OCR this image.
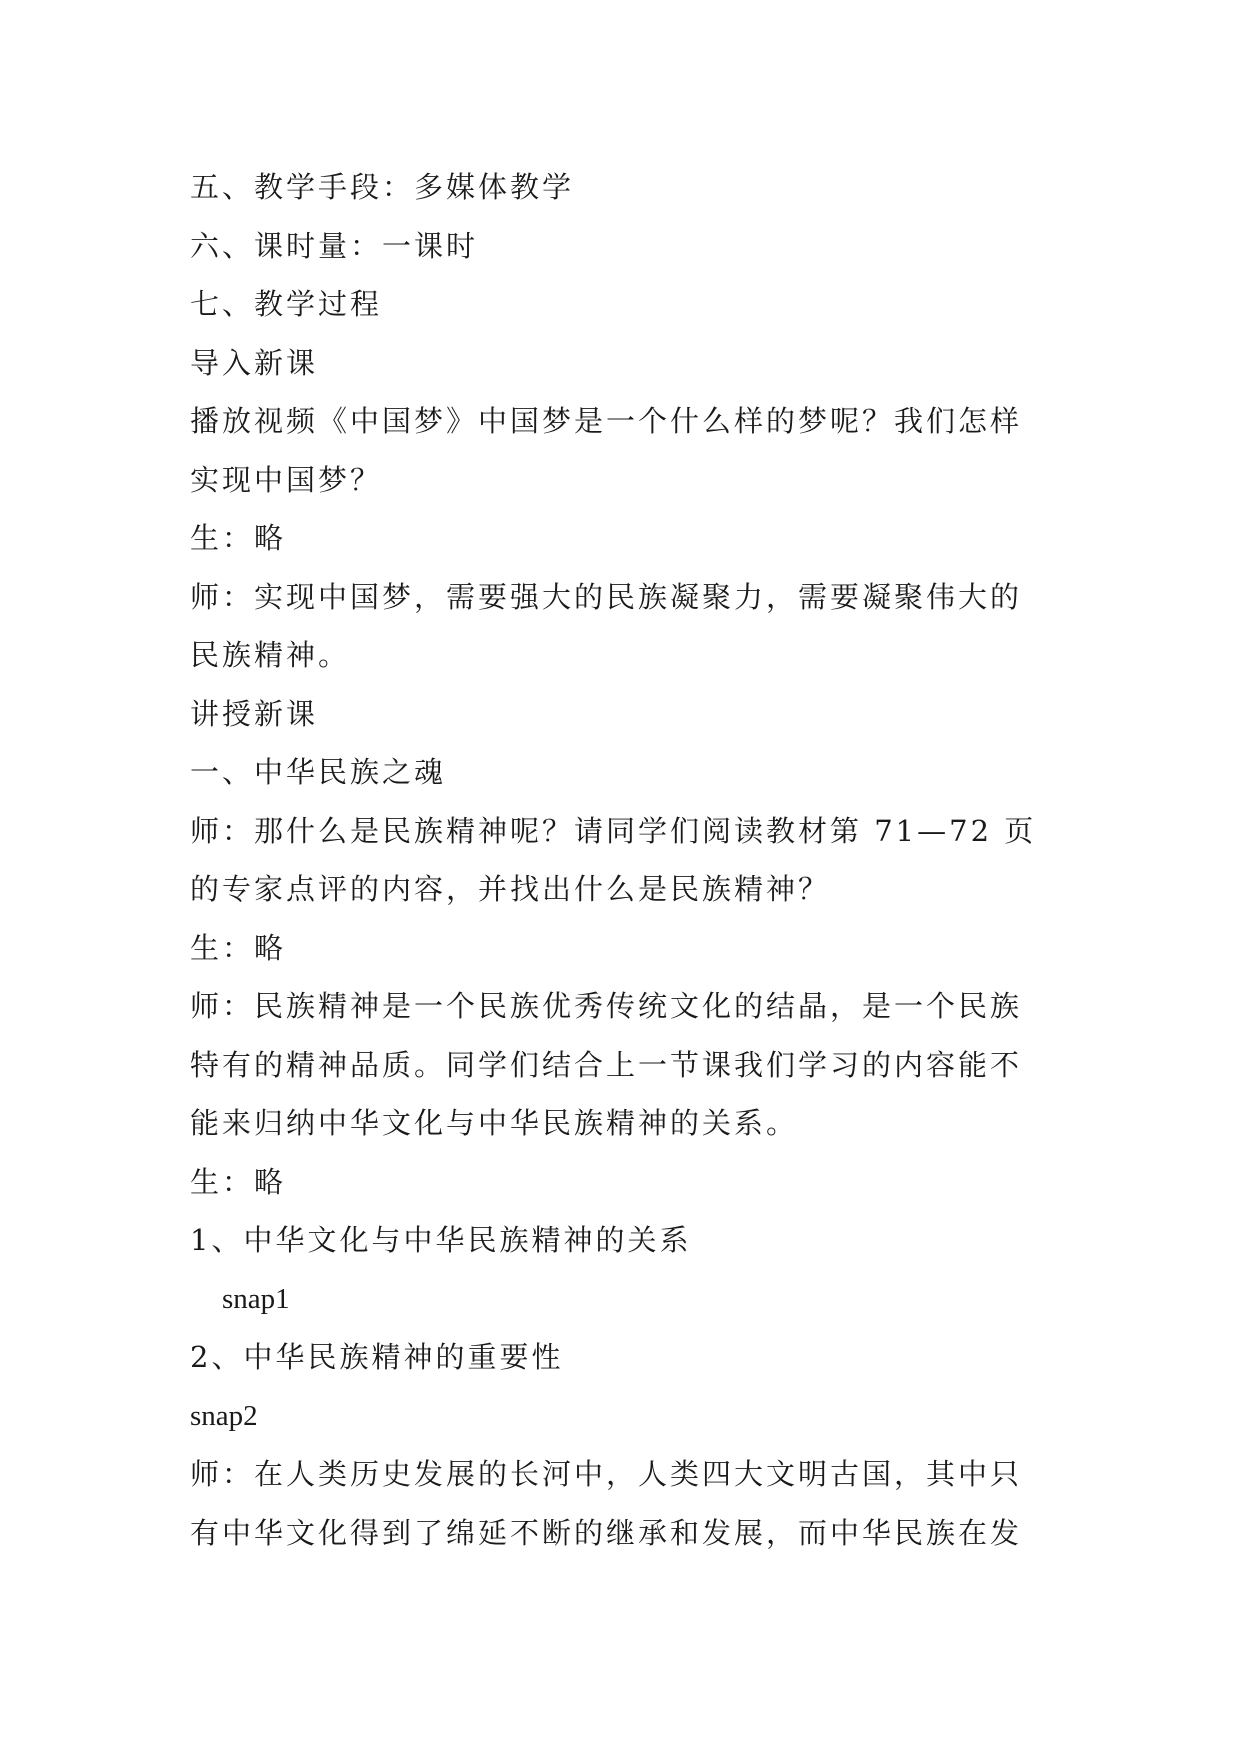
五、教学手段：多媒体教学
六、课时量：一课时
七、教学过程
导入新课
播放视频《中国梦》中国梦是一个什么样的梦呢？我们怎样
实现中国梦？
生：略
师：实现中国梦，需要强大的民族凝聚力，需要凝聚伟大的
民族精神。
讲授新课
一、中华民族之魂
师：那什么是民族精神呢？请同学们阅读教材第 71—72 页
的专家点评的内容，并找出什么是民族精神？
生：略
师：民族精神是一个民族优秀传统文化的结晶，是一个民族
特有的精神品质。同学们结合上一节课我们学习的内容能不
能来归纳中华文化与中华民族精神的关系。
生：略
1、中华文化与中华民族精神的关系
snap1
2、中华民族精神的重要性
snap2
师：在人类历史发展的长河中，人类四大文明古国，其中只
有中华文化得到了绵延不断的继承和发展，而中华民族在发
